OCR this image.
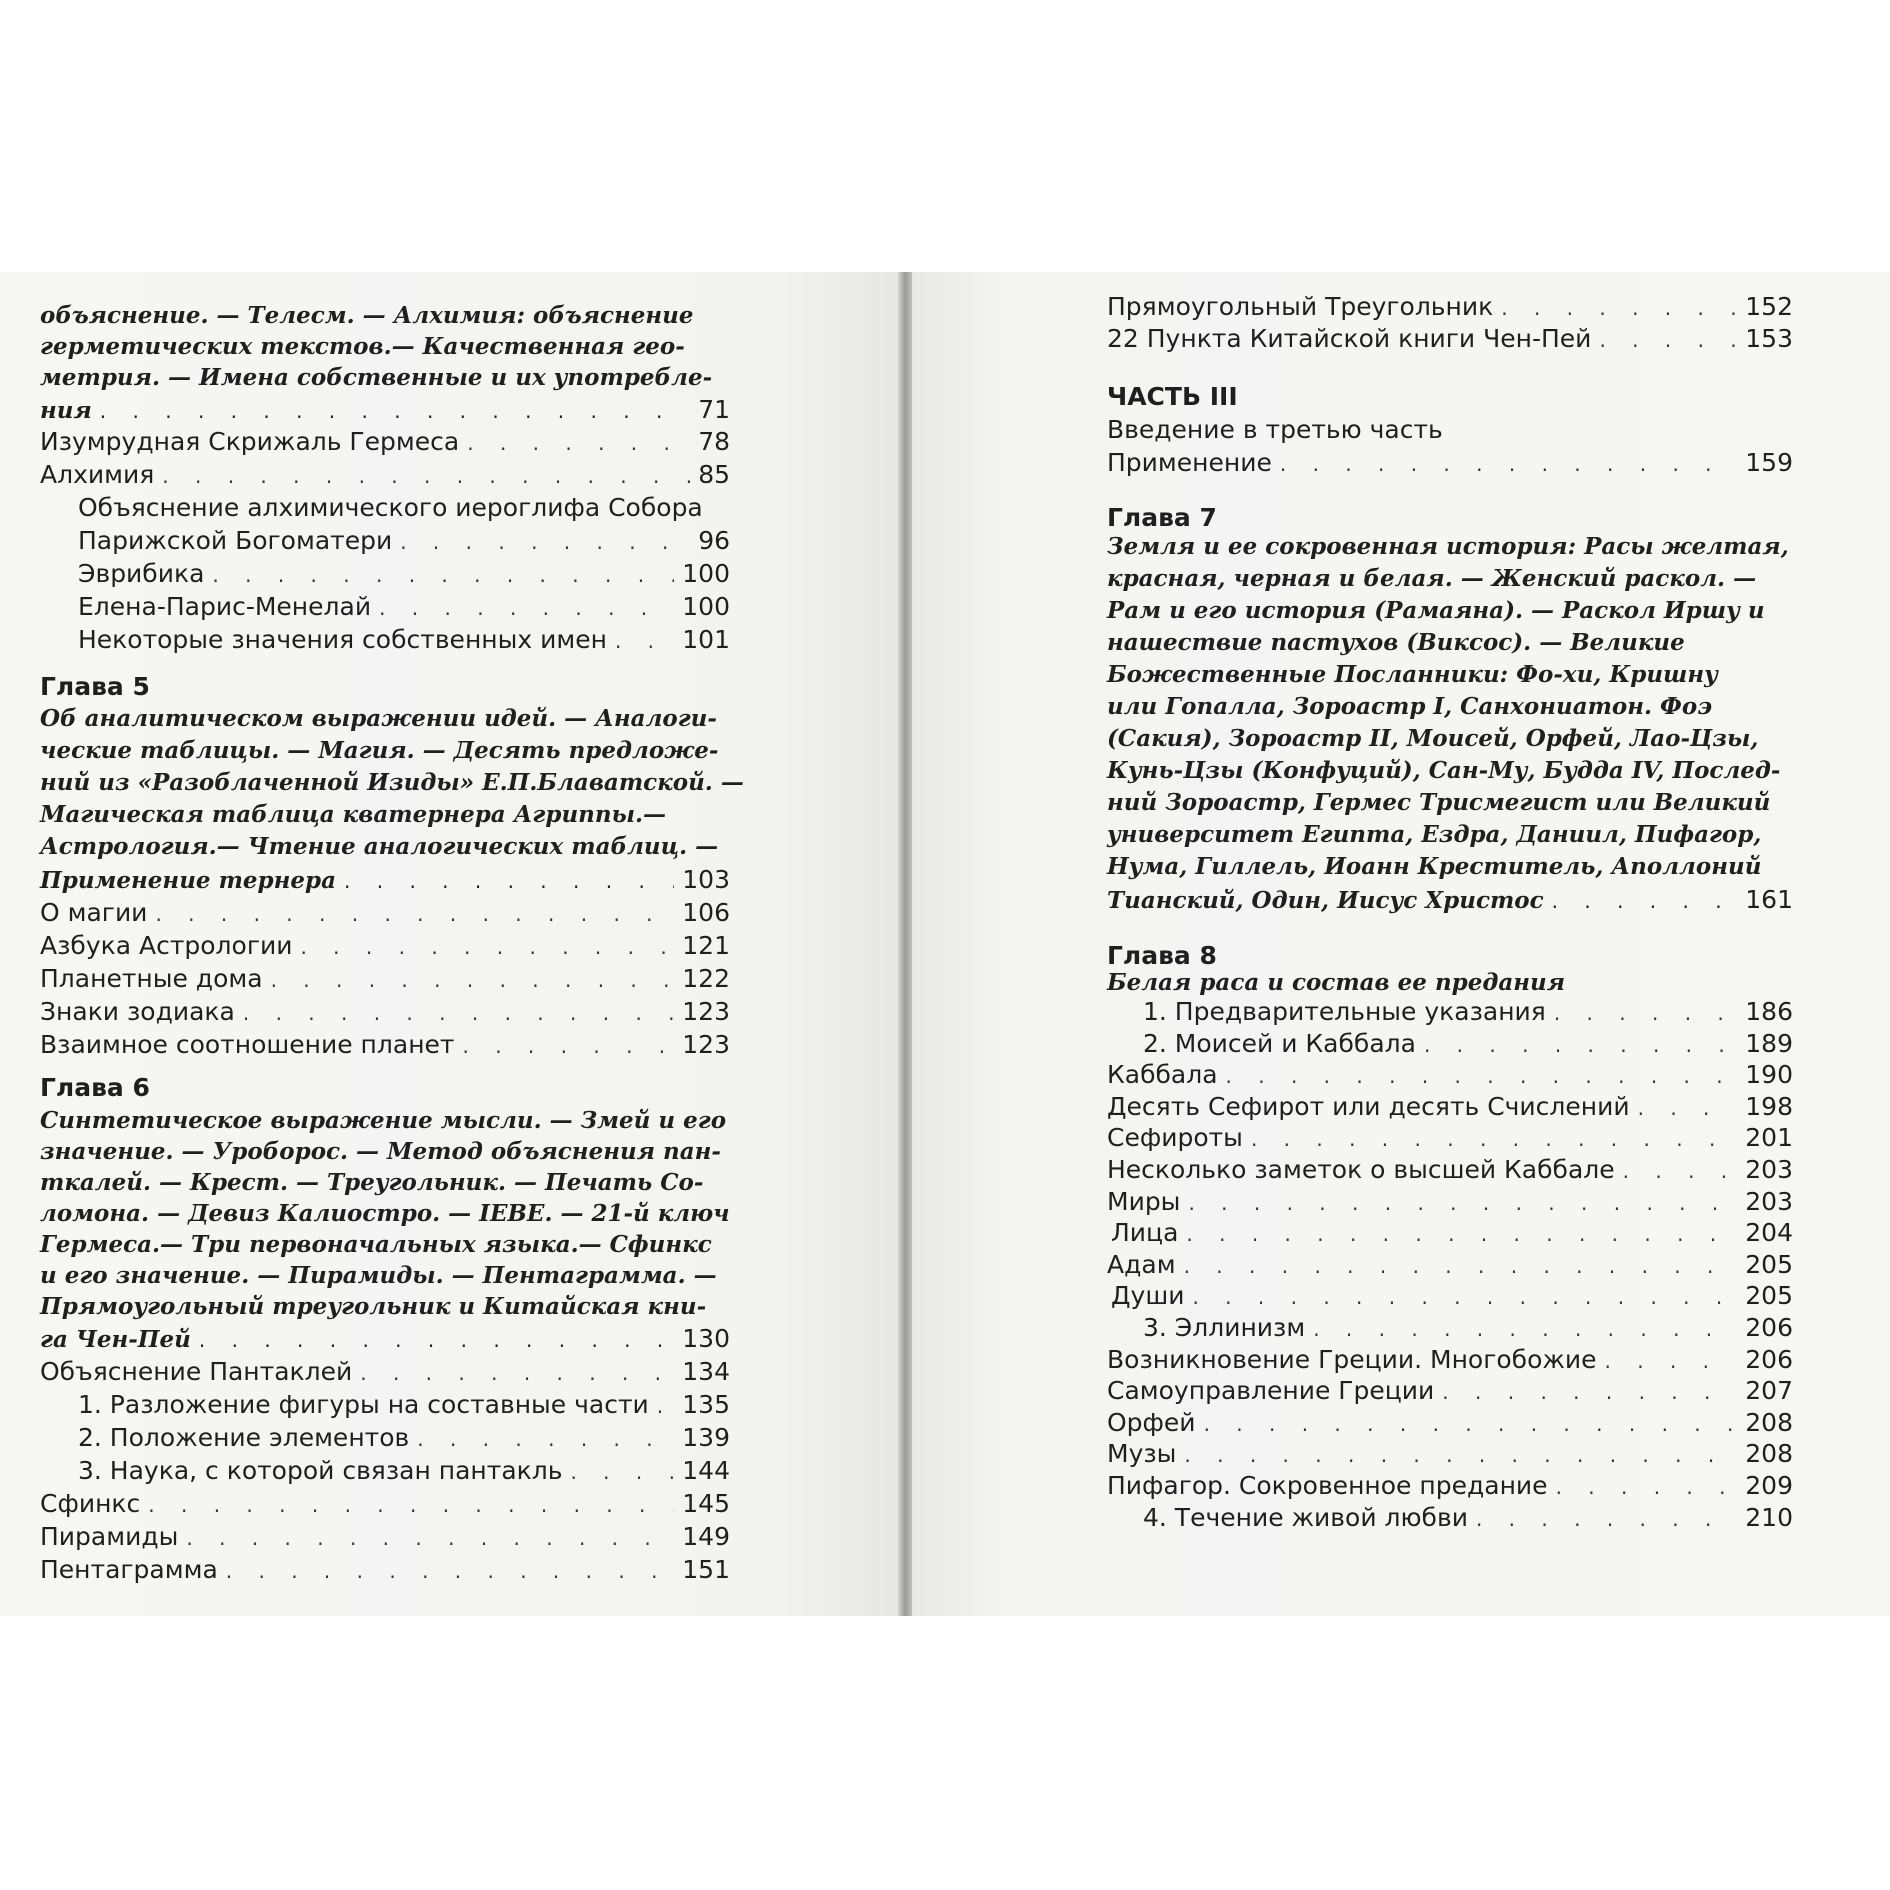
объяснение. — Телесм. — Алхимия: объяснение
герметических текстов.— Качественная гео-
метрия. — Имена собственные и их употребле-
ния . . .	71
Изумрудная Скрижаль Гермеса . . .	78
Алхимия . . .	85
Объяснение алхимического иероглифа Собора
Парижской Богоматери . . .	96
Эврибика . . .	100
Елена-Парис-Менелай . . .	100
Некоторые значения собственных имен . . .	101
Глава 5
Об аналитическом выражении идей. — Аналоги-
ческие таблицы. — Магия. — Десять предложе-
ний из «Разоблаченной Изиды» Е.П.Блаватской. —
Магическая таблица кватернера Агриппы.—
Астрология.— Чтение аналогических таблиц. —
Применение тернера . . .	103
О магии . . .	106
Азбука Астрологии . . .	121
Планетные дома . . .	122
Знаки зодиака . . .	123
Взаимное соотношение планет . . .	123
Глава 6
Синтетическое выражение мысли. — Змей и его
значение. — Уроборос. — Метод объяснения пан-
ткалей. — Крест. — Треугольник. — Печать Со-
ломона. — Девиз Калиостро. — IEBE. — 21-й ключ
Гермеса.— Три первоначальных языка.— Сфинкс
и его значение. — Пирамиды. — Пентаграмма. —
Прямоугольный треугольник и Китайская кни-
га Чен-Пей . . .	130
Объяснение Пантаклей . . .	134
1. Разложение фигуры на составные части . . . 135
2. Положение элементов . . .	139
3. Наука, с которой связан пантакль . . .	144
Сфинкс . . .	145
Пирамиды . . .	149
Пентаграмма . . .	151
Прямоугольный Треугольник . . .	152
22 Пункта Китайской книги Чен-Пей . . .	153
ЧАСТЬ III
Введение в третью часть
Применение . . .	159
Глава 7
Земля и ее сокровенная история: Расы желтая,
красная, черная и белая. — Женский раскол. —
Рам и его история (Рамаяна). — Раскол Иршу и
нашествие пастухов (Виксос). — Великие
Божественные Посланники: Фо-хи, Кришну
или Гопалла, Зороастр I, Санхониатон. Фоэ
(Сакия), Зороастр II, Моисей, Орфей, Лао-Цзы,
Кунь-Цзы (Конфуций), Сан-Му, Будда IV, Послед-
ний Зороастр, Гермес Трисмегист или Великий
университет Египта, Ездра, Даниил, Пифагор,
Нума, Гиллель, Иоанн Креститель, Аполлоний
Тианский, Один, Иисус Христос . . .	161
Глава 8
Белая раса и состав ее предания
1. Предварительные указания . . .	186
2. Моисей и Каббала . . .	189
Каббала . . .	190
Десять Сефирот или десять Счислений . . .	198
Сефироты . . .	201
Несколько заметок о высшей Каббале . . .	203
Миры . . .	203
Лица . . .	204
Адам . . .	205
Души . . .	205
3. Эллинизм . . .	206
Возникновение Греции. Многобожие . . .	206
Самоуправление Греции . . .	207
Орфей . . .	208
Музы . . .	208
Пифагор. Сокровенное предание . . .	209
4. Течение живой любви . . .	210
